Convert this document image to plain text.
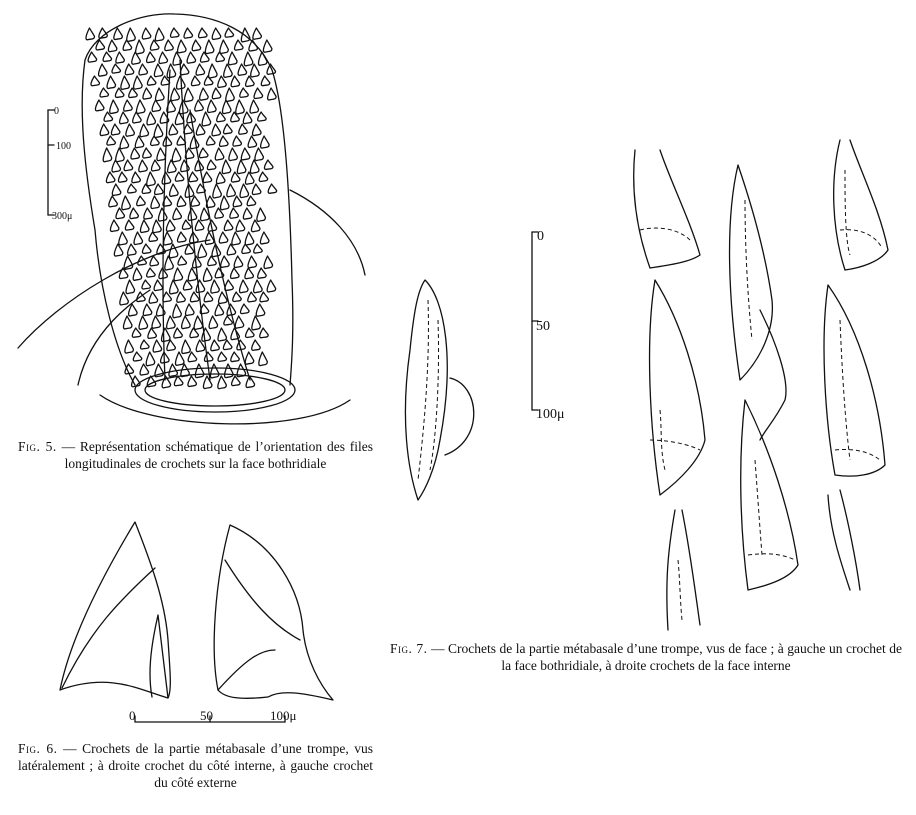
0
100
300μ
0	50	100μ
0
50
100μ
Fig. 5. — Représentation schématique de l’orientation des files longitudinales de crochets sur la face bothridiale
Fig. 6. — Crochets de la partie métabasale d’une trompe, vus latéralement ; à droite crochet du côté interne, à gauche crochet du côté externe
Fig. 7. — Crochets de la partie métabasale d’une trompe, vus de face ; à gauche un crochet de la face bothridiale, à droite crochets de la face interne
